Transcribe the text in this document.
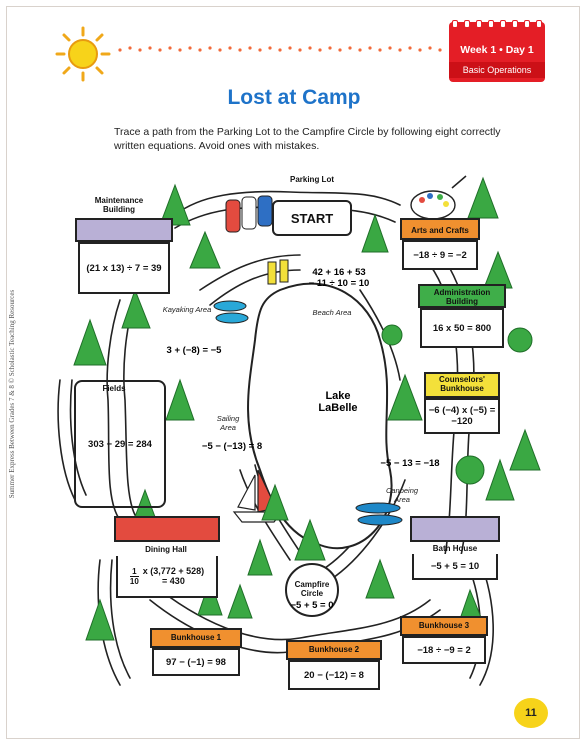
Summer Express Between Grades 7 & 8 © Scholastic Teaching Resources
Week 1 • Day 1
Basic Operations
Lost at Camp
Trace a path from the Parking Lot to the Campfire Circle by following eight correctly written equations. Avoid ones with mistakes.
Parking Lot
START
Maintenance Building
(21 x 13) ÷ 7 = 39
Arts and Crafts
−18 ÷ 9 = −2
42 + 16 + 53
− 11 ÷ 10 = 10
Beach Area
Kayaking Area
3 + (−8) = −5
Administration Building
16 x 50 = 800
Lake
LaBelle
Fields
303 − 29 = 284
Sailing Area
−5 − (−13) = 8
Counselors' Bunkhouse
−6 (−4) x (−5) =
−120
−5 − 13 = −18
Canoeing Area
Dining Hall
1
10
x (3,772 + 528)
= 430
Bath House
−5 + 5 = 10
Campfire Circle
−5 + 5 = 0
Bunkhouse 1
97 − (−1) = 98
Bunkhouse 2
20 − (−12) = 8
Bunkhouse 3
−18 ÷ −9 = 2
11
